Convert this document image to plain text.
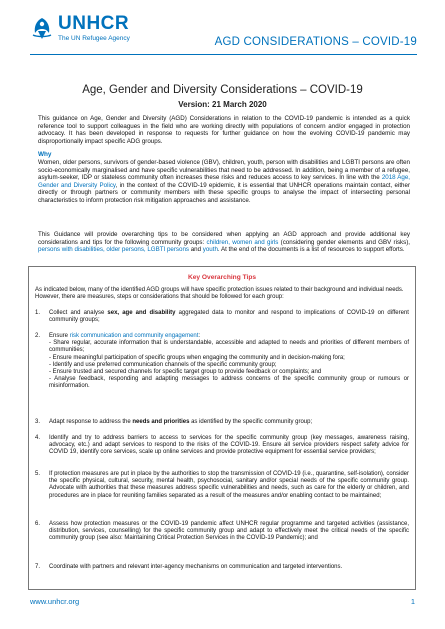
UNHCR
The UN Refugee Agency	AGD CONSIDERATIONS – COVID-19
Age, Gender and Diversity Considerations – COVID-19
Version: 21 March 2020
This guidance on Age, Gender and Diversity (AGD) Considerations in relation to the COVID-19 pandemic is intended as a quick reference tool to support colleagues in the field who are working directly with populations of concern and/or engaged in protection advocacy. It has been developed in response to requests for further guidance on how the evolving COVID-19 pandemic may disproportionally impact specific ADG groups.
Why
Women, older persons, survivors of gender-based violence (GBV), children, youth, person with disabilities and LGBTI persons are often socio-economically marginalised and have specific vulnerabilities that need to be addressed. In addition, being a member of a refugee, asylum-seeker, IDP or stateless community often increases these risks and reduces access to key services. In line with the 2018 Age, Gender and Diversity Policy, in the context of the COVID-19 epidemic, it is essential that UNHCR operations maintain contact, either directly or through partners or community members with these specific groups to analyse the impact of intersecting personal characteristics to inform protection risk mitigation approaches and assistance.
This Guidance will provide overarching tips to be considered when applying an AGD approach and provide additional key considerations and tips for the following community groups: children, women and girls (considering gender elements and GBV risks), persons with disabilities, older persons, LGBTI persons and youth. At the end of the documents is a list of resources to support efforts.
Key Overarching Tips
As indicated below, many of the identified AGD groups will have specific protection issues related to their background and individual needs. However, there are measures, steps or considerations that should be followed for each group:
1. Collect and analyse sex, age and disability aggregated data to monitor and respond to implications of COVID-19 on different community groups;
2. Ensure risk communication and community engagement:
- Share regular, accurate information that is understandable, accessible and adapted to needs and priorities of different members of communities;
- Ensure meaningful participation of specific groups when engaging the community and in decision-making fora;
- Identify and use preferred communication channels of the specific community group;
- Ensure trusted and secured channels for specific target group to provide feedback or complaints; and
- Analyse feedback, responding and adapting messages to address concerns of the specific community group or rumours or misinformation.
3. Adapt response to address the needs and priorities as identified by the specific community group;
4. Identify and try to address barriers to access to services for the specific community group (key messages, awareness raising, advocacy, etc.) and adapt services to respond to the risks of the COVID-19. Ensure all service providers respect safety advice for COVID 19, identify core services, scale up online services and provide protective equipment for essential service providers;
5. If protection measures are put in place by the authorities to stop the transmission of COVID-19 (i.e., quarantine, self-isolation), consider the specific physical, cultural, security, mental health, psychosocial, sanitary and/or special needs of the specific community group. Advocate with authorities that these measures address specific vulnerabilities and needs, such as care for the elderly or children, and procedures are in place for reuniting families separated as a result of the measures and/or enabling contact to be maintained;
6. Assess how protection measures or the COVID-19 pandemic affect UNHCR regular programme and targeted activities (assistance, distribution, services, counselling) for the specific community group and adapt to effectively meet the critical needs of the specific community group (see also: Maintaining Critical Protection Services in the COVID-19 Pandemic); and
7. Coordinate with partners and relevant inter-agency mechanisms on communication and targeted interventions.
www.unhcr.org	1
